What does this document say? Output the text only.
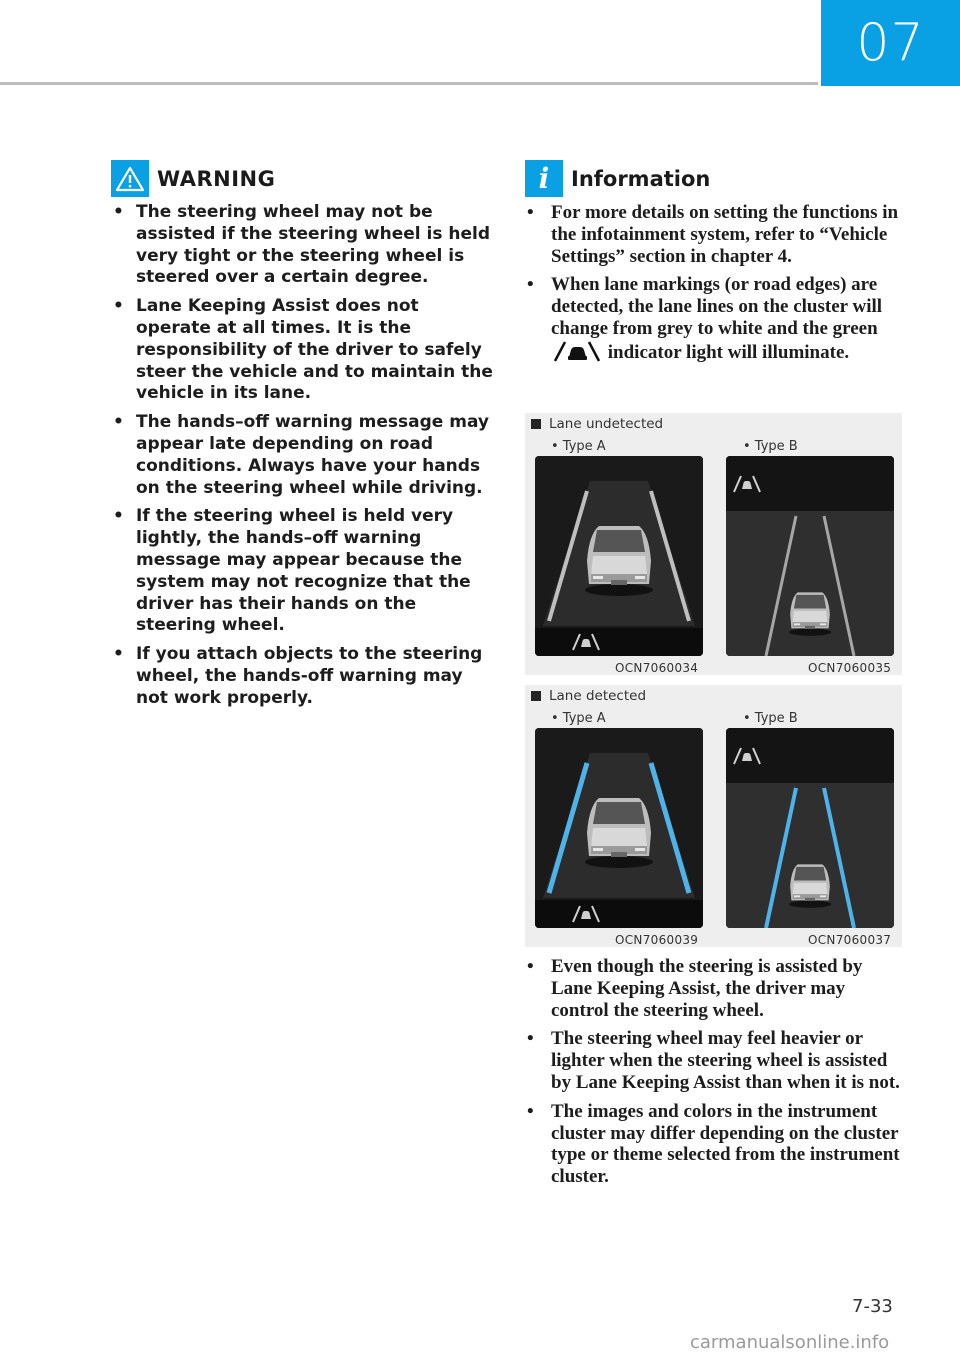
07
WARNING
• The steering wheel may not be assisted if the steering wheel is held very tight or the steering wheel is steered over a certain degree.
• Lane Keeping Assist does not operate at all times. It is the responsibility of the driver to safely steer the vehicle and to maintain the vehicle in its lane.
• The hands–off warning message may appear late depending on road conditions. Always have your hands on the steering wheel while driving.
• If the steering wheel is held very lightly, the hands–off warning message may appear because the system may not recognize that the driver has their hands on the steering wheel.
• If you attach objects to the steering wheel, the hands-off warning may not work properly.
i	Information
• For more details on setting the functions in the infotainment system, refer to “Vehicle Settings” section in chapter 4.
• When lane markings (or road edges) are detected, the lane lines on the cluster will change from grey to white and the green  indicator light will illuminate.
Lane undetected
• Type A	• Type B
OCN7060034	OCN7060035
Lane detected
• Type A	• Type B
OCN7060039	OCN7060037
• Even though the steering is assisted by Lane Keeping Assist, the driver may control the steering wheel.
• The steering wheel may feel heavier or lighter when the steering wheel is assisted by Lane Keeping Assist than when it is not.
• The images and colors in the instrument cluster may differ depending on the cluster type or theme selected from the instrument cluster.
7-33
carmanualsonline.info
